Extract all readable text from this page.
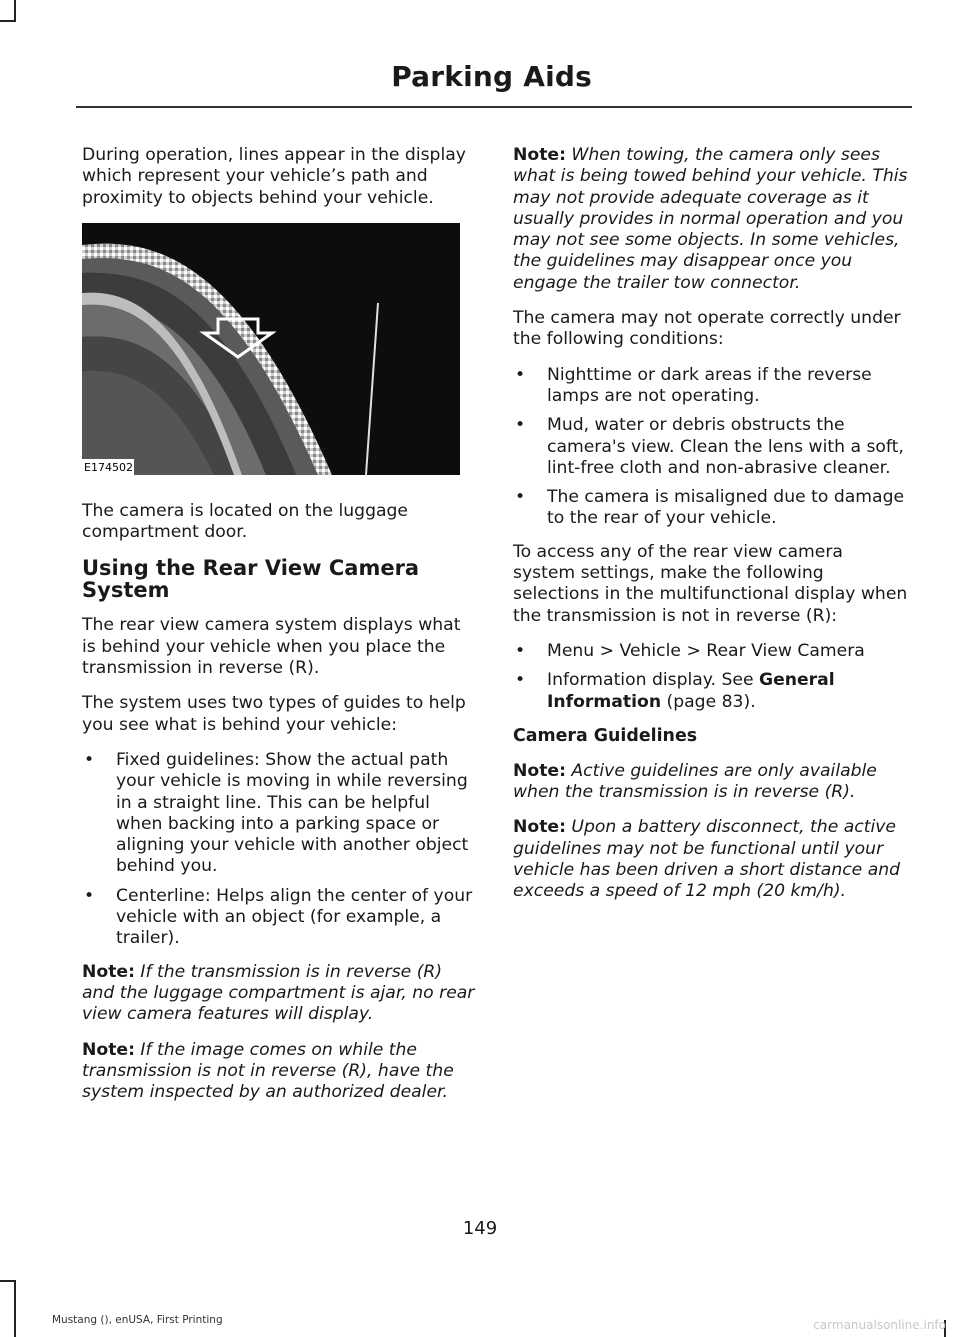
Parking Aids

During operation, lines appear in the display which represent your vehicle’s path and proximity to objects behind your vehicle.

E174502

The camera is located on the luggage compartment door.

Using the Rear View Camera System

The rear view camera system displays what is behind your vehicle when you place the transmission in reverse (R).

The system uses two types of guides to help you see what is behind your vehicle:

• Fixed guidelines: Show the actual path your vehicle is moving in while reversing in a straight line. This can be helpful when backing into a parking space or aligning your vehicle with another object behind you.
• Centerline: Helps align the center of your vehicle with an object (for example, a trailer).

Note: If the transmission is in reverse (R) and the luggage compartment is ajar, no rear view camera features will display.

Note: If the image comes on while the transmission is not in reverse (R), have the system inspected by an authorized dealer.

Note: When towing, the camera only sees what is being towed behind your vehicle. This may not provide adequate coverage as it usually provides in normal operation and you may not see some objects. In some vehicles, the guidelines may disappear once you engage the trailer tow connector.

The camera may not operate correctly under the following conditions:

• Nighttime or dark areas if the reverse lamps are not operating.
• Mud, water or debris obstructs the camera's view. Clean the lens with a soft, lint-free cloth and non-abrasive cleaner.
• The camera is misaligned due to damage to the rear of your vehicle.

To access any of the rear view camera system settings, make the following selections in the multifunctional display when the transmission is not in reverse (R):

• Menu > Vehicle > Rear View Camera
• Information display. See General Information (page 83).
Camera Guidelines

Note: Active guidelines are only available when the transmission is in reverse (R).

Note: Upon a battery disconnect, the active guidelines may not be functional until your vehicle has been driven a short distance and exceeds a speed of 12 mph (20 km/h).

149
Mustang (), enUSA, First Printing	carmanualsonline.info
